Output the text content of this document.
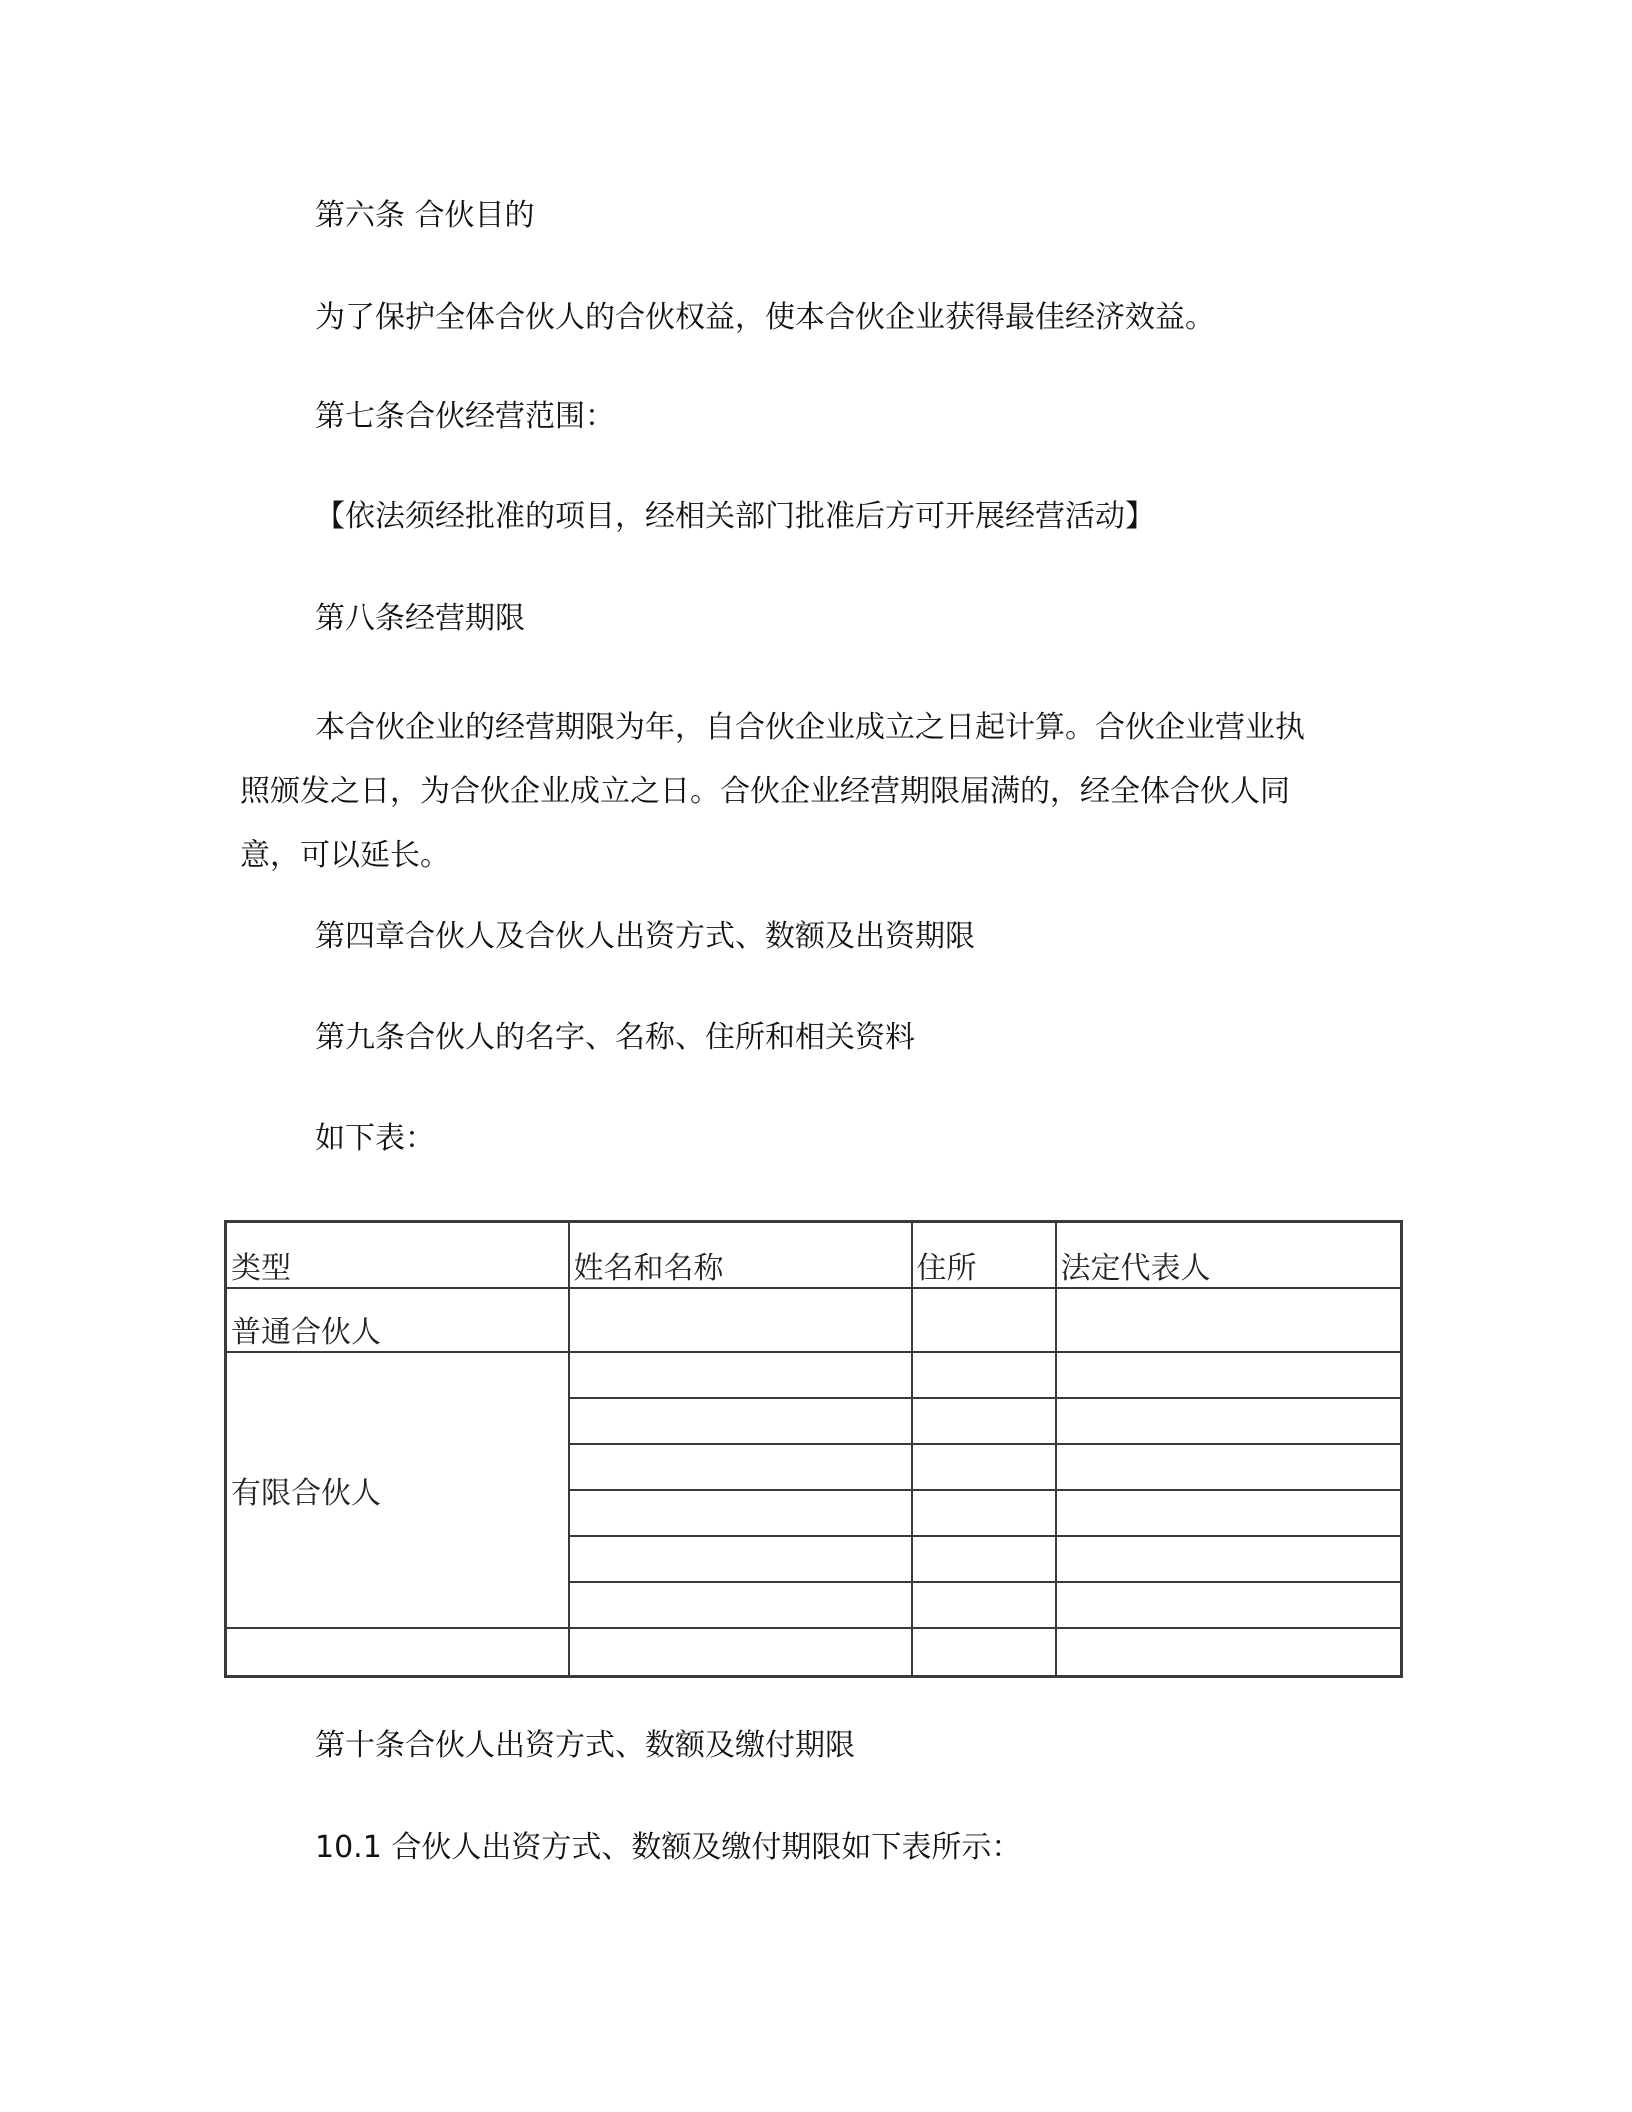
第六条 合伙目的

为了保护全体合伙人的合伙权益，使本合伙企业获得最佳经济效益。

第七条合伙经营范围：

【依法须经批准的项目，经相关部门批准后方可开展经营活动】

第八条经营期限

本合伙企业的经营期限为年，自合伙企业成立之日起计算。合伙企业营业执
照颁发之日，为合伙企业成立之日。合伙企业经营期限届满的，经全体合伙人同
意，可以延长。

第四章合伙人及合伙人出资方式、数额及出资期限

第九条合伙人的名字、名称、住所和相关资料

如下表：

类型	姓名和名称	住所	法定代表人
普通合伙人			
有限合伙人			

第十条合伙人出资方式、数额及缴付期限

10.1 合伙人出资方式、数额及缴付期限如下表所示：
